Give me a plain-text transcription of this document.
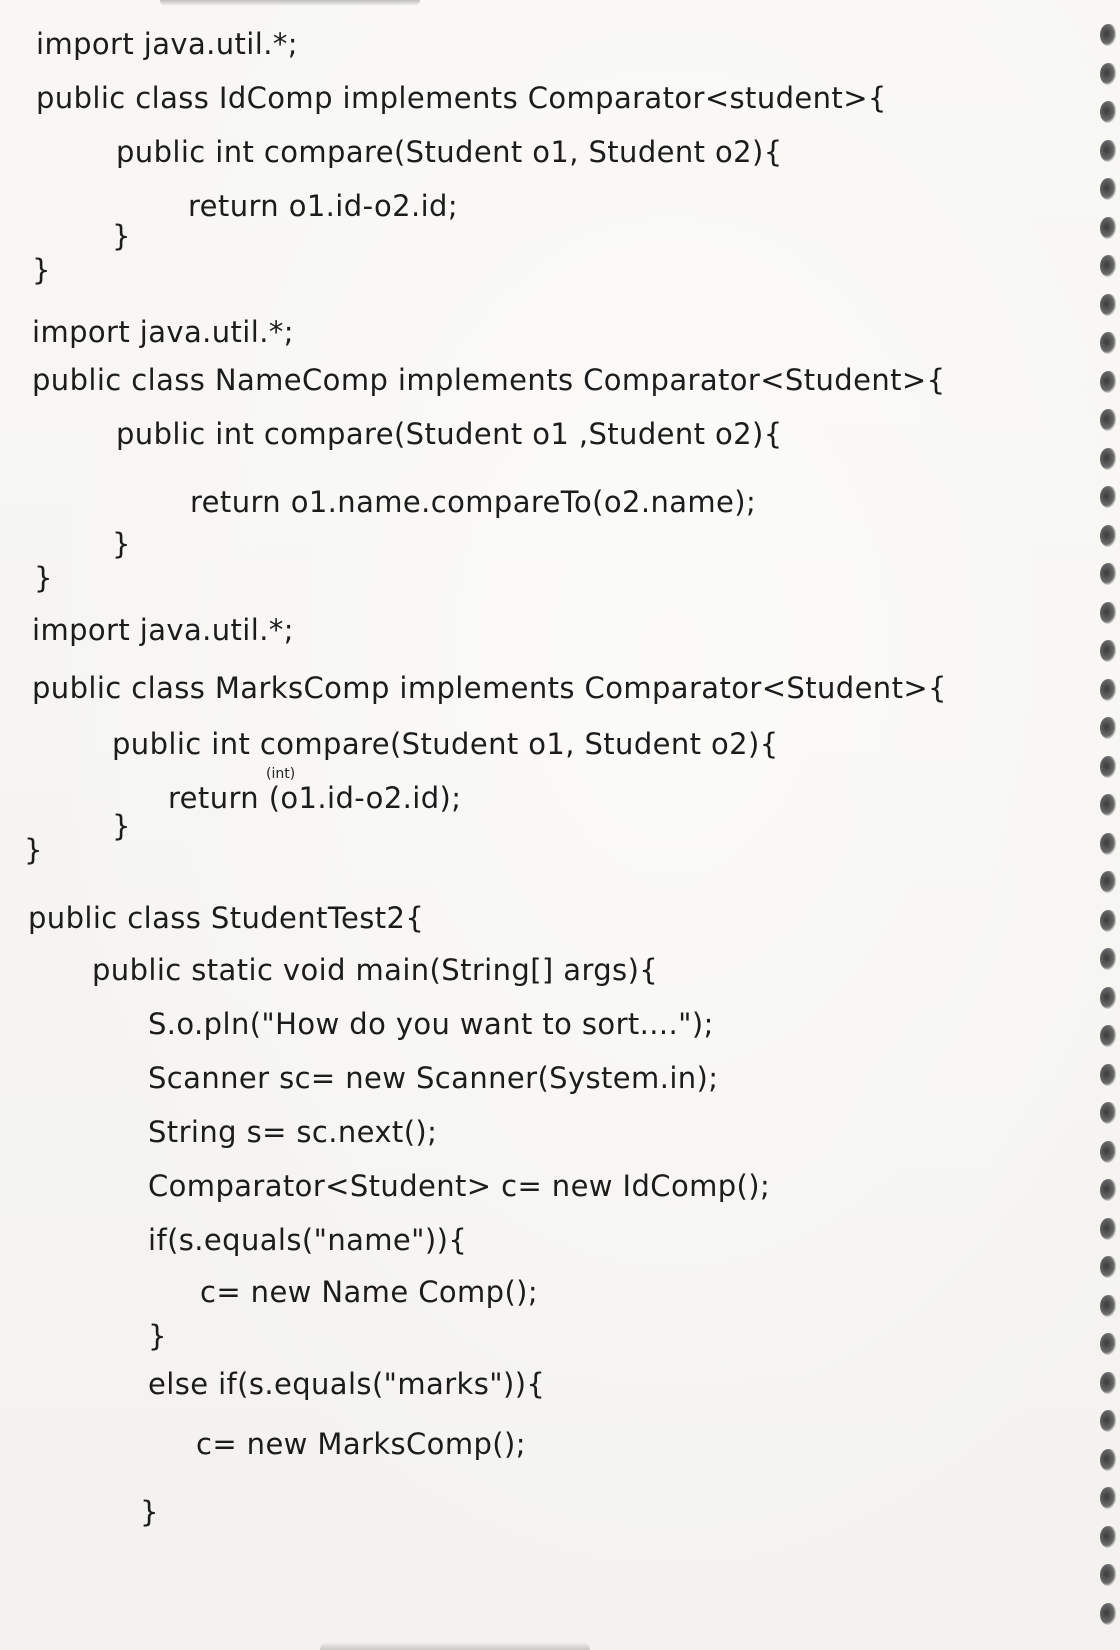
import java.util.*;
public class IdComp implements Comparator<student>{
public int compare(Student o1, Student o2){
return o1.id-o2.id;
}
}
import java.util.*;
public class NameComp implements Comparator<Student>{
public int compare(Student o1 ,Student o2){
return o1.name.compareTo(o2.name);
}
}
import java.util.*;
public class MarksComp implements Comparator<Student>{
public int compare(Student o1, Student o2){
(int)
return (o1.id-o2.id);
}
}
public class StudentTest2{
public static void main(String[] args){
S.o.pln("How do you want to sort....");
Scanner sc= new Scanner(System.in);
String s= sc.next();
Comparator<Student> c= new IdComp();
if(s.equals("name")){
c= new Name Comp();
}
else if(s.equals("marks")){
c= new MarksComp();
}
